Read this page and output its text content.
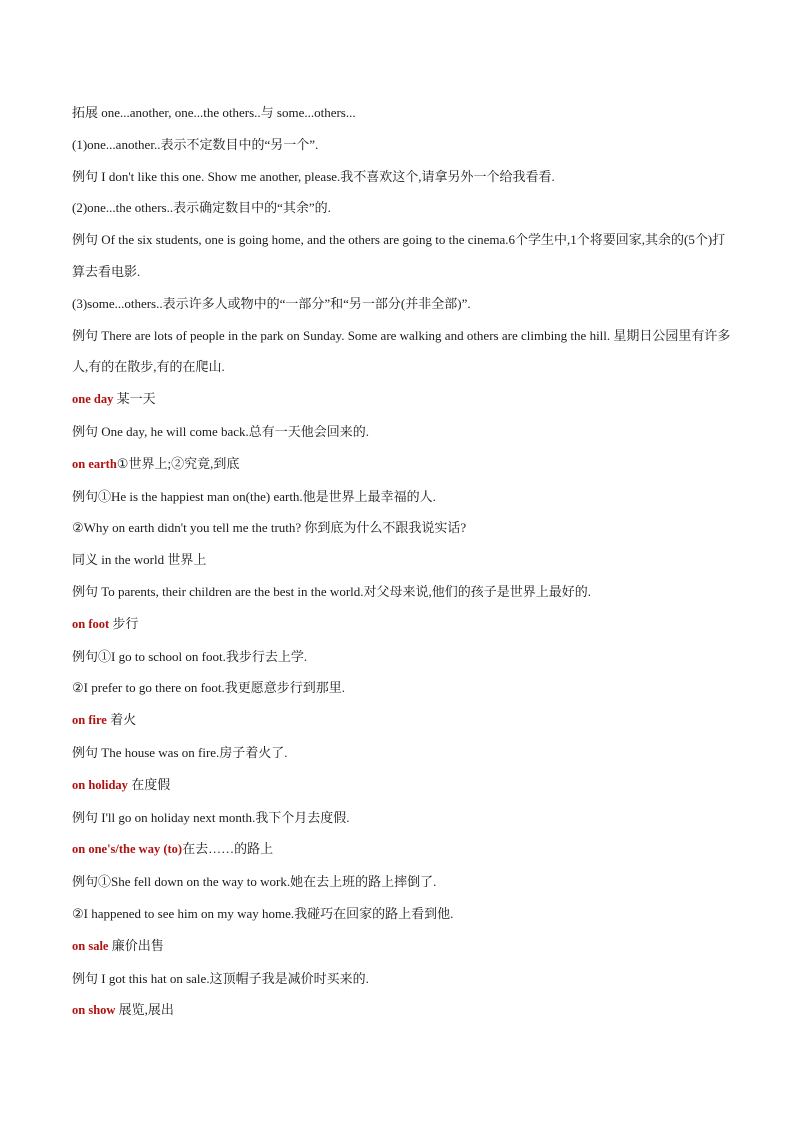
拓展 one...another, one...the others..与 some...others...
(1)one...another..表示不定数目中的“另一个”.
例句 I don't like this one. Show me another, please.我不喜欢这个,请拿另外一个给我看看.
(2)one...the others..表示确定数目中的“其余”的.
例句 Of the six students, one is going home, and the others are going to the cinema.6个学生中,1个将要回家,其余的(5个)打算去看电影.
(3)some...others..表示许多人或物中的“一部分”和“另一部分(并非全部)”.
例句 There are lots of people in the park on Sunday. Some are walking and others are climbing the hill. 星期日公园里有许多人,有的在散步,有的在爬山.
one day 某一天
例句 One day, he will come back.总有一天他会回来的.
on earth①世界上;②究竟,到底
例句①He is the happiest man on(the) earth.他是世界上最幸福的人.
②Why on earth didn't you tell me the truth? 你到底为什么不跟我说实话?
同义 in the world 世界上
例句 To parents, their children are the best in the world.对父母来说,他们的孩子是世界上最好的.
on foot 步行
例句①I go to school on foot.我步行去上学.
②I prefer to go there on foot.我更愿意步行到那里.
on fire 着火
例句 The house was on fire.房子着火了.
on holiday 在度假
例句 I'll go on holiday next month.我下个月去度假.
on one's/the way (to)在去……的路上
例句①She fell down on the way to work.她在去上班的路上摔倒了.
②I happened to see him on my way home.我碰巧在回家的路上看到他.
on sale 廉价出售
例句 I got this hat on sale.这顶帽子我是减价时买来的.
on show 展览,展出
